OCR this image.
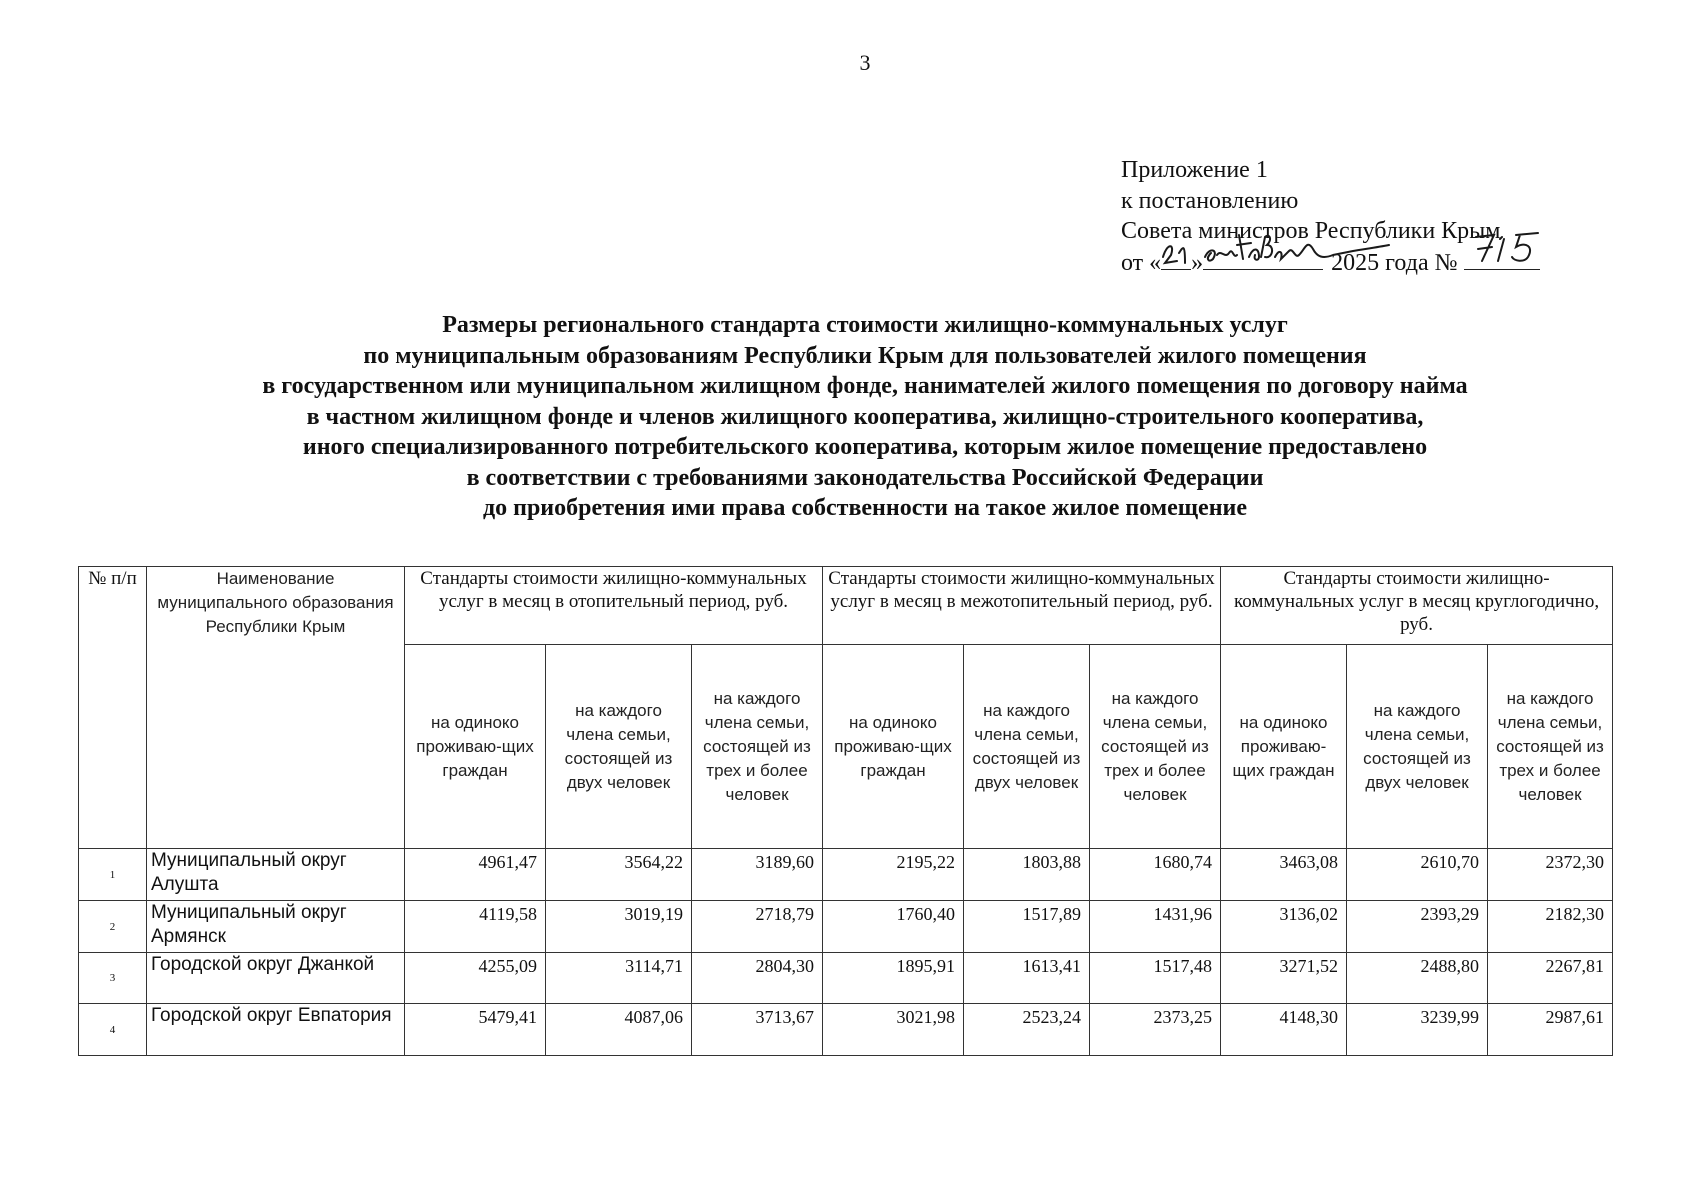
3
Приложение 1
к постановлению
Совета министров Республики Крым
от « »	2025 года №
Размеры регионального стандарта стоимости жилищно-коммунальных услуг
по муниципальным образованиям Республики Крым для пользователей жилого помещения
в государственном или муниципальном жилищном фонде, нанимателей жилого помещения по договору найма
в частном жилищном фонде и членов жилищного кооператива, жилищно-строительного кооператива,
иного специализированного потребительского кооператива, которым жилое помещение предоставлено
в соответствии с требованиями законодательства Российской Федерации
до приобретения ими права собственности на такое жилое помещение
№ п/п	Наименование муниципального образования Республики Крым	Стандарты стоимости жилищно-коммунальных услуг в месяц в отопительный период, руб.			Стандарты стоимости жилищно-коммунальных услуг в месяц в межотопительный период, руб.			Стандарты стоимости жилищно-коммунальных услуг в месяц круглогодично, руб.		
		на одиноко проживаю-щих граждан	на каждого члена семьи, состоящей из двух человек	на каждого члена семьи, состоящей из трех и более человек	на одиноко проживаю-щих граждан	на каждого члена семьи, состоящей из двух человек	на каждого члена семьи, состоящей из трех и более человек	на одиноко проживаю-щих граждан	на каждого члена семьи, состоящей из двух человек	на каждого члена семьи, состоящей из трех и более человек
1	Муниципальный округ Алушта	4961,47	3564,22	3189,60	2195,22	1803,88	1680,74	3463,08	2610,70	2372,30
2	Муниципальный округ Армянск	4119,58	3019,19	2718,79	1760,40	1517,89	1431,96	3136,02	2393,29	2182,30
3	Городской округ Джанкой	4255,09	3114,71	2804,30	1895,91	1613,41	1517,48	3271,52	2488,80	2267,81
4	Городской округ Евпатория	5479,41	4087,06	3713,67	3021,98	2523,24	2373,25	4148,30	3239,99	2987,61
